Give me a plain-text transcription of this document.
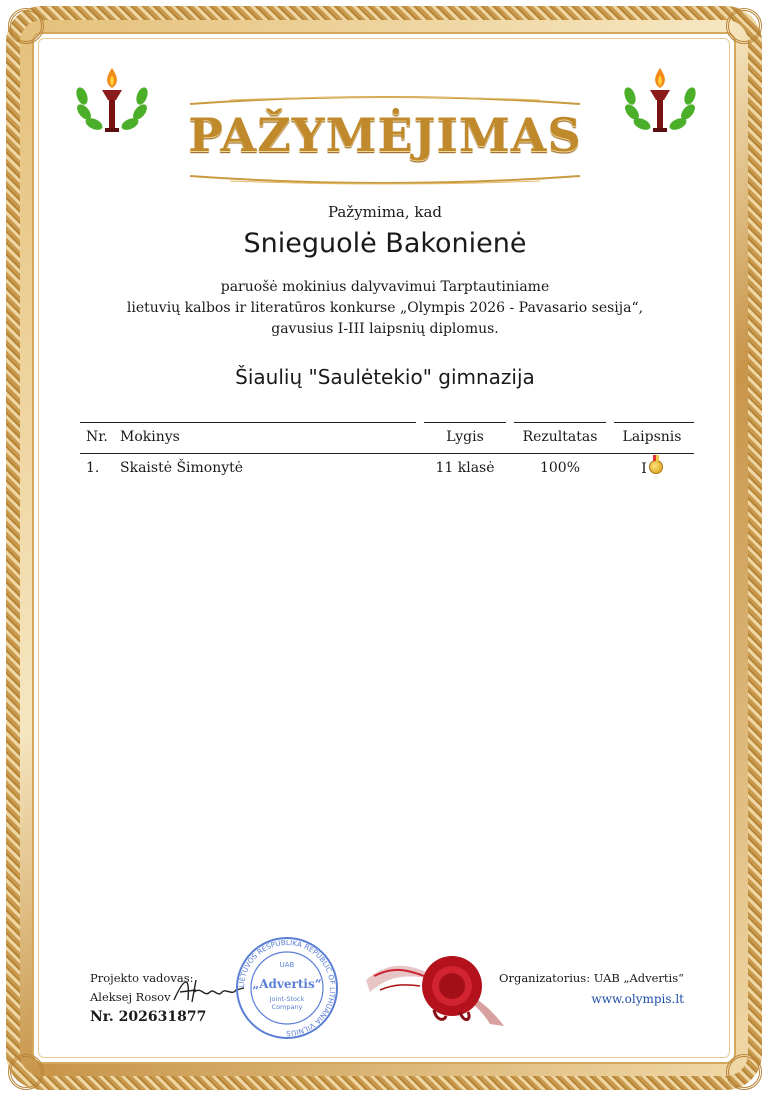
PAŽYMĖJIMAS
Pažymima, kad
Snieguolė Bakonienė
paruošė mokinius dalyvavimui Tarptautiniame
lietuvių kalbos ir literatūros konkurse „Olympis 2026 - Pavasario sesija“,
gavusius I-III laipsnių diplomus.
Šiaulių "Saulėtekio" gimnazija
Nr. Mokinys	Lygis	Rezultatas	Laipsnis
1. Skaistė Šimonytė	11 klasė	100%	I
Projekto vadovas:
Aleksej Rosov
Nr. 202631877
LIETUVOS RESPUBLIKA REPUBLIC OF LITHUANIA VILNIUS
UAB
„Advertis“
Joint-Stock Company
Organizatorius: UAB „Advertis“
www.olympis.lt
